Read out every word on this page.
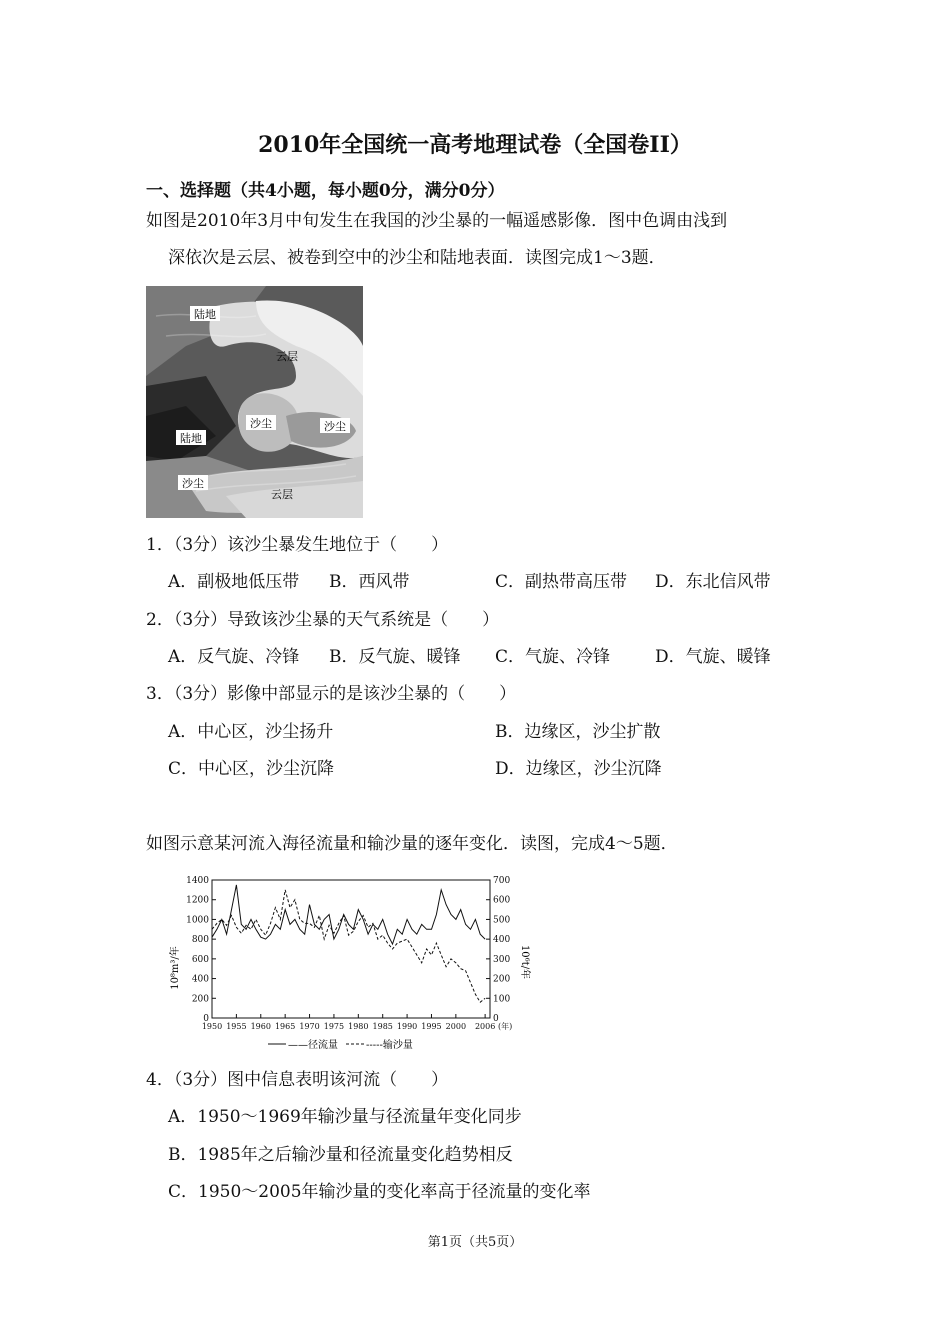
2010年全国统一高考地理试卷（全国卷II）
一、选择题（共4小题，每小题0分，满分0分）
如图是2010年3月中旬发生在我国的沙尘暴的一幅遥感影像．图中色调由浅到
深依次是云层、被卷到空中的沙尘和陆地表面．读图完成1～3题．
陆地
云层
沙尘	沙尘
陆地
沙尘
云层
1．（3分）该沙尘暴发生地位于（　　）
A．副极地低压带 B．西风带	C．副热带高压带 D．东北信风带
2．（3分）导致该沙尘暴的天气系统是（　　）
A．反气旋、冷锋 B．反气旋、暖锋 C．气旋、冷锋	D．气旋、暖锋
3．（3分）影像中部显示的是该沙尘暴的（　　）
A．中心区，沙尘扬升	B．边缘区，沙尘扩散
C．中心区，沙尘沉降	D．边缘区，沙尘沉降
如图示意某河流入海径流量和输沙量的逐年变化．读图，完成4～5题．
0
200
400
600
800
1000
1200
1400
0
100
200
300
400
500
600
700
1950 1955 1960 1965 1970 1975 1980 1985 1990 1995 2000 2006 (年)
10⁸m³/年	10⁶t/年
——径流量	-----输沙量
4．（3分）图中信息表明该河流（　　）
A．1950～1969年输沙量与径流量年变化同步
B．1985年之后输沙量和径流量变化趋势相反
C．1950～2005年输沙量的变化率高于径流量的变化率
第1页（共5页）
